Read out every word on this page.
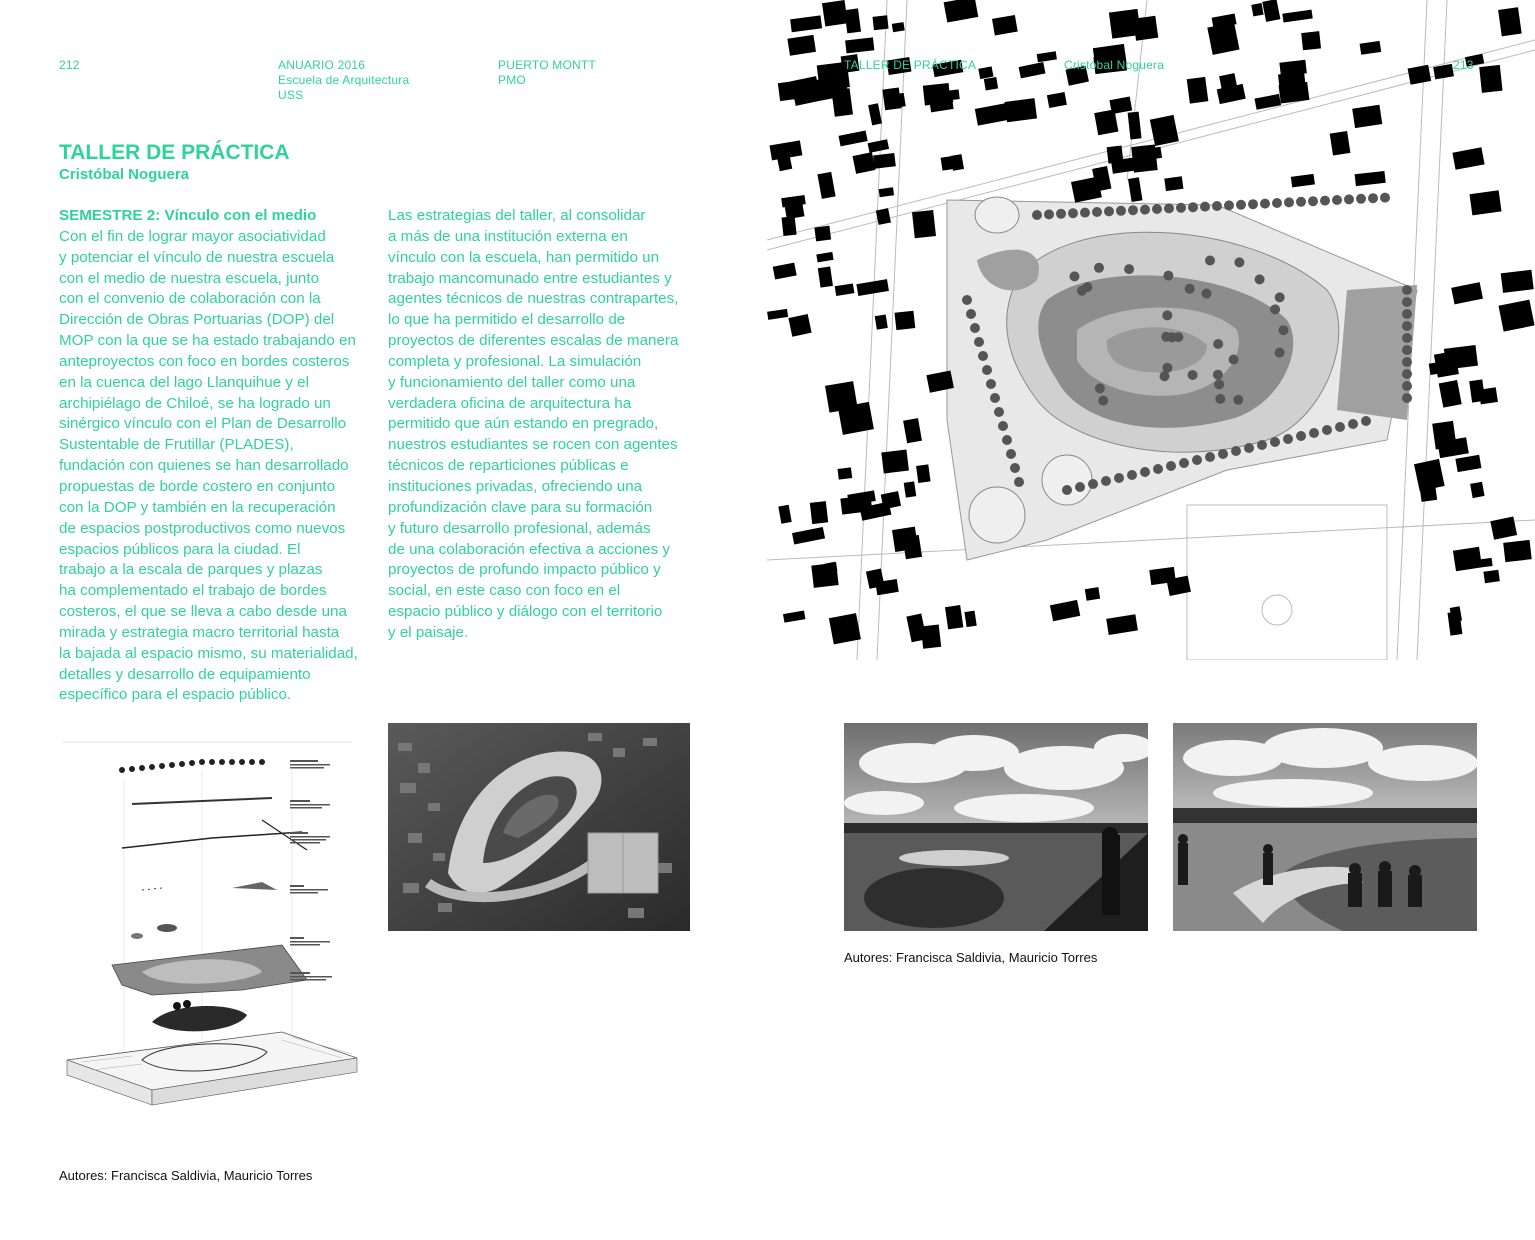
212	ANUARIO 2016
Escuela de Arquitectura
USS
PUERTO MONTT
PMO
TALLER DE PRÁCTICA
Cristóbal Noguera

SEMESTRE 2: Vínculo con el medio

Con el fin de lograr mayor asociatividad
y potenciar el vínculo de nuestra escuela
con el medio de nuestra escuela, junto
con el convenio de colaboración con la
Dirección de Obras Portuarias (DOP) del
MOP con la que se ha estado trabajando en
anteproyectos con foco en bordes costeros
en la cuenca del lago Llanquihue y el
archipiélago de Chiloé, se ha logrado un
sinérgico vínculo con el Plan de Desarrollo
Sustentable de Frutillar (PLADES),
fundación con quienes se han desarrollado
propuestas de borde costero en conjunto
con la DOP y también en la recuperación
de espacios postproductivos como nuevos
espacios públicos para la ciudad. El
trabajo a la escala de parques y plazas
ha complementado el trabajo de bordes
costeros, el que se lleva a cabo desde una
mirada y estrategia macro territorial hasta
la bajada al espacio mismo, su materialidad,
detalles y desarrollo de equipamiento
específico para el espacio público.
Las estrategias del taller, al consolidar
a más de una institución externa en
vínculo con la escuela, han permitido un
trabajo mancomunado entre estudiantes y
agentes técnicos de nuestras contrapartes,
lo que ha permitido el desarrollo de
proyectos de diferentes escalas de manera
completa y profesional. La simulación
y funcionamiento del taller como una
verdadera oficina de arquitectura ha
permitido que aún estando en pregrado,
nuestros estudiantes se rocen con agentes
técnicos de reparticiones públicas e
instituciones privadas, ofreciendo una
profundización clave para su formación
y futuro desarrollo profesional, además
de una colaboración efectiva a acciones y
proyectos de profundo impacto público y
social, en este caso con foco en el
espacio público y diálogo con el territorio
y el paisaje.
TALLER DE PRÁCTICA	Cristóbal Noguera	213
Autores: Francisca Saldivia, Mauricio Torres
Autores: Francisca Saldivia, Mauricio Torres
